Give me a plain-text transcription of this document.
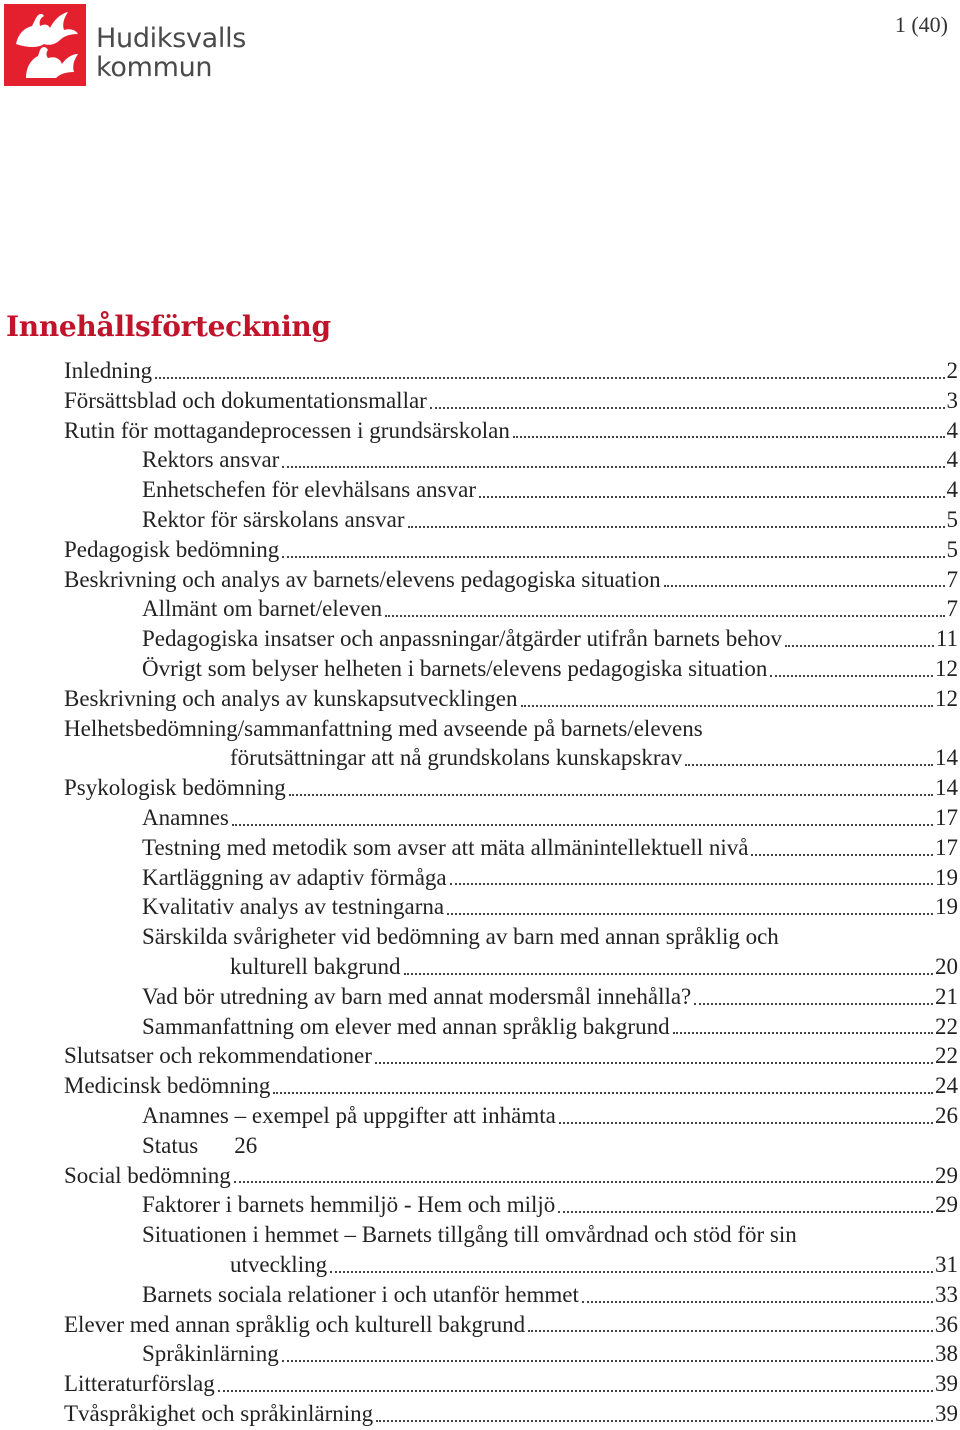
Hudiksvalls
kommun
1 (40)
Innehållsförteckning
Inledning	2
Försättsblad och dokumentationsmallar	3
Rutin för mottagandeprocessen i grundsärskolan	4
Rektors ansvar	4
Enhetschefen för elevhälsans ansvar	4
Rektor för särskolans ansvar	5
Pedagogisk bedömning	5
Beskrivning och analys av barnets/elevens pedagogiska situation	7
Allmänt om barnet/eleven	7
Pedagogiska insatser och anpassningar/åtgärder utifrån barnets behov	11
Övrigt som belyser helheten i barnets/elevens pedagogiska situation	12
Beskrivning och analys av kunskapsutvecklingen	12
Helhetsbedömning/sammanfattning med avseende på barnets/elevens
förutsättningar att nå grundskolans kunskapskrav	14
Psykologisk bedömning	14
Anamnes	17
Testning med metodik som avser att mäta allmänintellektuell nivå	17
Kartläggning av adaptiv förmåga	19
Kvalitativ analys av testningarna	19
Särskilda svårigheter vid bedömning av barn med annan språklig och
kulturell bakgrund	20
Vad bör utredning av barn med annat modersmål innehålla?	21
Sammanfattning om elever med annan språklig bakgrund	22
Slutsatser och rekommendationer	22
Medicinsk bedömning	24
Anamnes – exempel på uppgifter att inhämta	26
Status 26
Social bedömning	29
Faktorer i barnets hemmiljö - Hem och miljö	29
Situationen i hemmet – Barnets tillgång till omvårdnad och stöd för sin
utveckling	31
Barnets sociala relationer i och utanför hemmet	33
Elever med annan språklig och kulturell bakgrund	36
Språkinlärning	38
Litteraturförslag	39
Tvåspråkighet och språkinlärning	39
